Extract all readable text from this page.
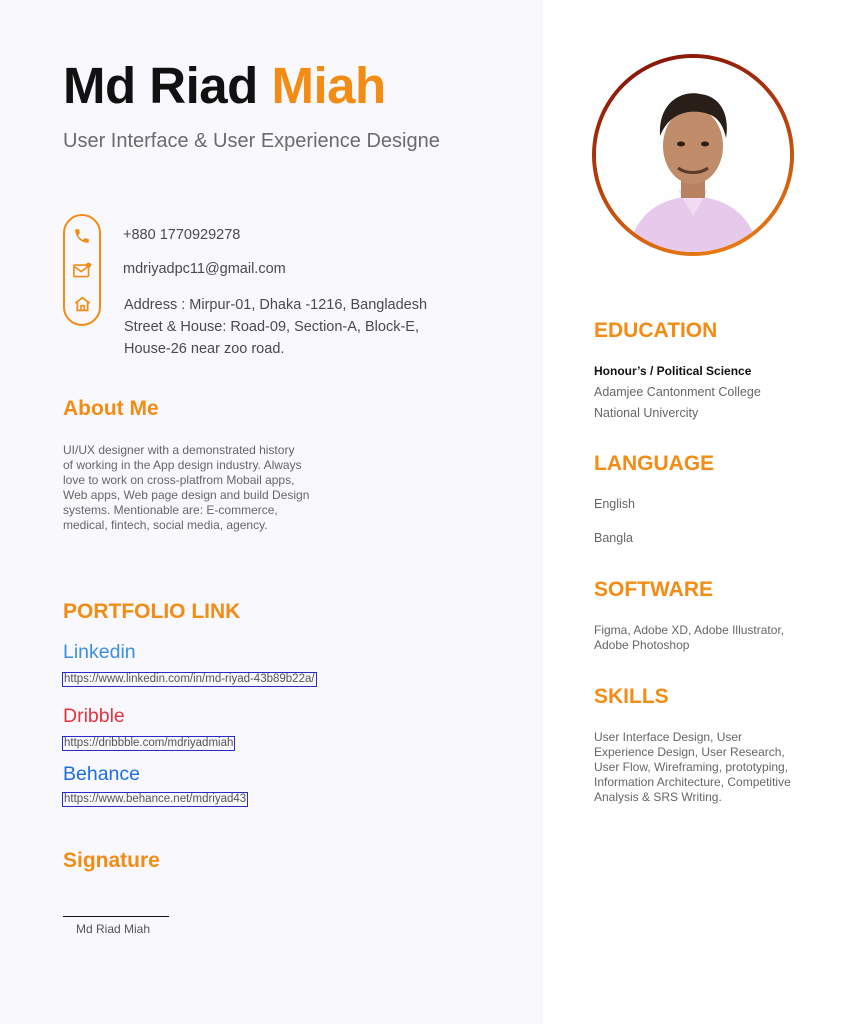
Md Riad Miah
User Interface & User Experience Designe
+880 1770929278
mdriyadpc11@gmail.com
Address : Mirpur-01, Dhaka -1216, Bangladesh
Street & House: Road-09, Section-A, Block-E,
House-26 near zoo road.
About Me
UI/UX designer with a demonstrated history
of working in the App design industry. Always
love to work on cross-platfrom Mobail apps,
Web apps, Web page design and build Design
systems. Mentionable are: E-commerce,
medical, fintech, social media, agency.
PORTFOLIO LINK
Linkedin
https://www.linkedin.com/in/md-riyad-43b89b22a/
Dribble
https://dribbble.com/mdriyadmiah
Behance
https://www.behance.net/mdriyad43
Signature
Md Riad Miah
EDUCATION
Honour’s / Political Science
Adamjee Cantonment College
National Univercity
LANGUAGE
English
Bangla
SOFTWARE
Figma, Adobe XD, Adobe Illustrator,
Adobe Photoshop
SKILLS
User Interface Design, User
Experience Design, User Research,
User Flow, Wireframing, prototyping,
Information Architecture, Competitive
Analysis & SRS Writing.
